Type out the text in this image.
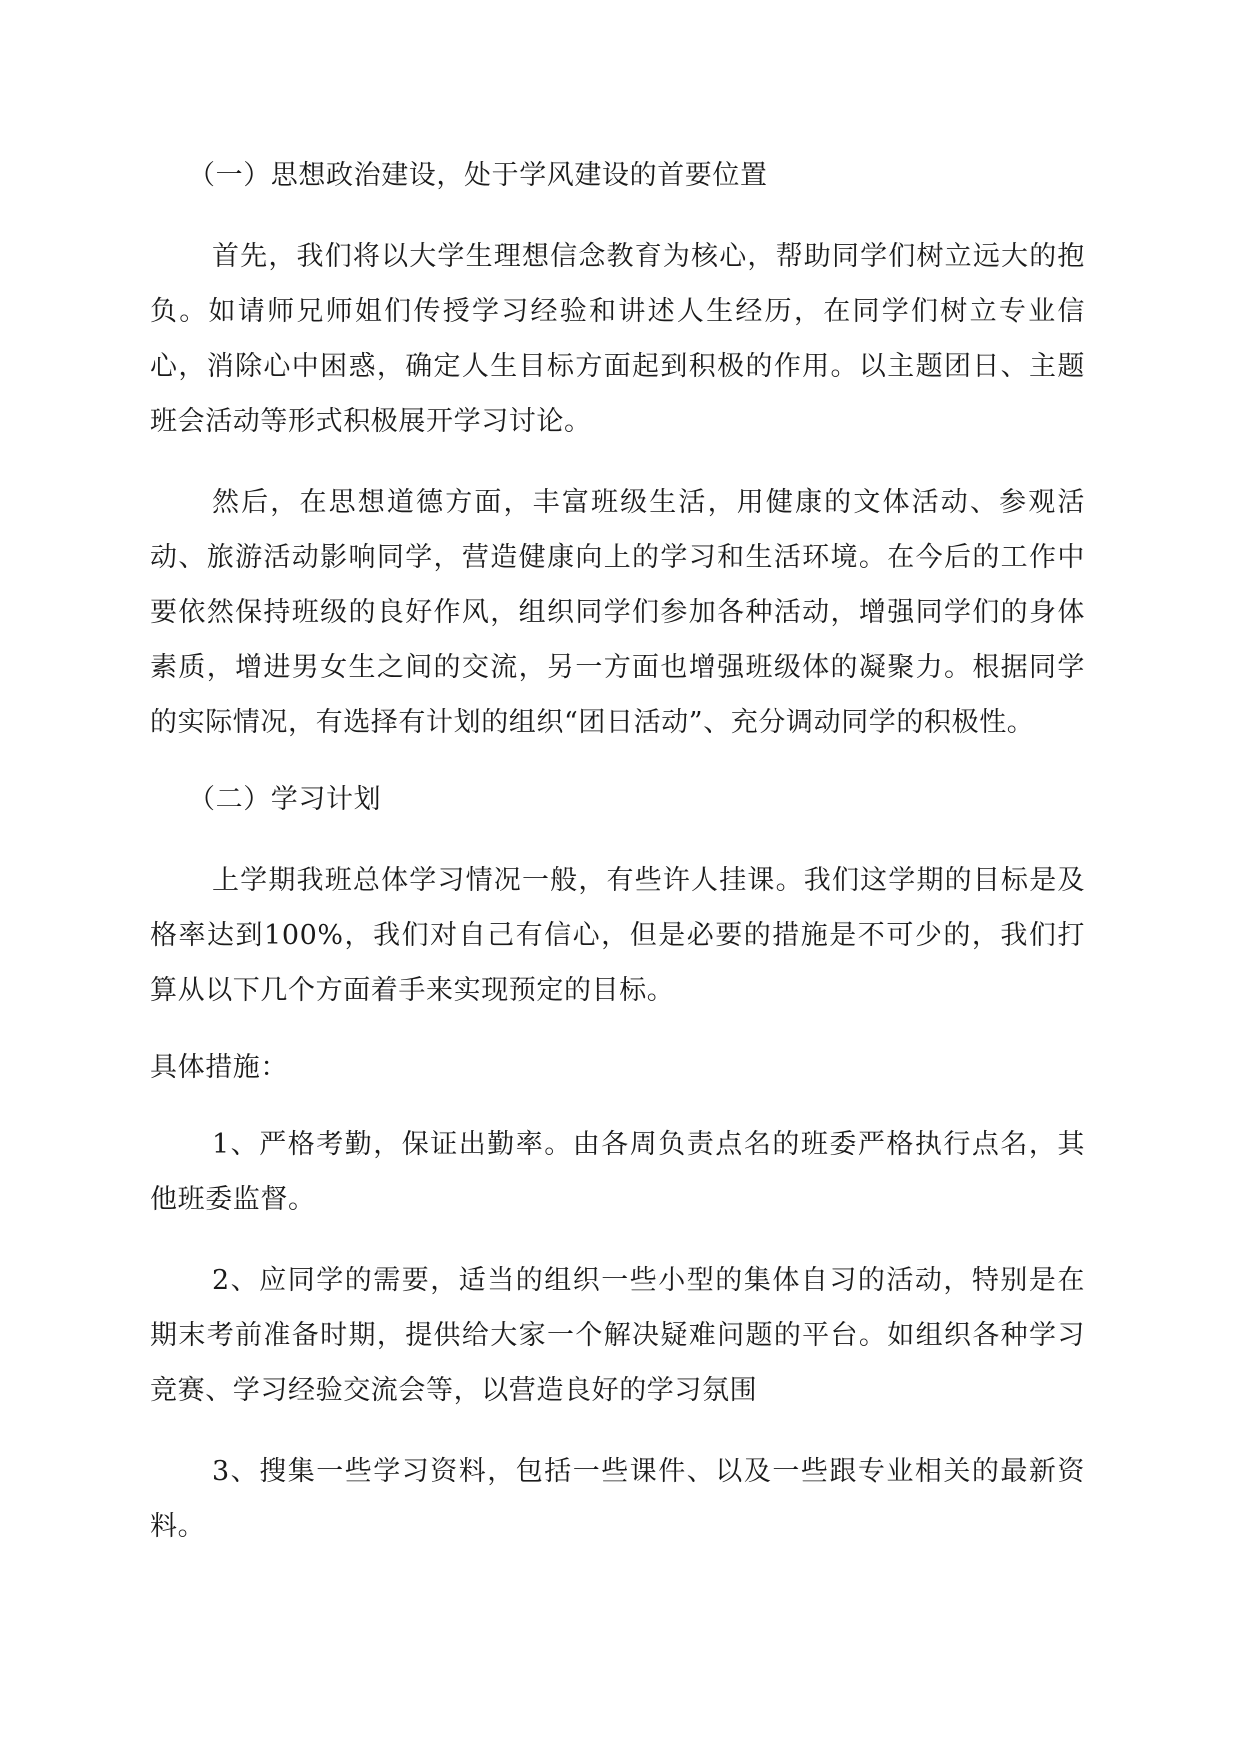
（一）思想政治建设，处于学风建设的首要位置

首先，我们将以大学生理想信念教育为核心，帮助同学们树立远大的抱负。如请师兄师姐们传授学习经验和讲述人生经历，在同学们树立专业信心，消除心中困惑，确定人生目标方面起到积极的作用。以主题团日、主题班会活动等形式积极展开学习讨论。

然后，在思想道德方面，丰富班级生活，用健康的文体活动、参观活动、旅游活动影响同学，营造健康向上的学习和生活环境。在今后的工作中要依然保持班级的良好作风，组织同学们参加各种活动，增强同学们的身体素质，增进男女生之间的交流，另一方面也增强班级体的凝聚力。根据同学的实际情况，有选择有计划的组织“团日活动”、充分调动同学的积极性。

（二）学习计划

上学期我班总体学习情况一般，有些许人挂课。我们这学期的目标是及格率达到100%，我们对自己有信心，但是必要的措施是不可少的，我们打算从以下几个方面着手来实现预定的目标。

具体措施：

1、严格考勤，保证出勤率。由各周负责点名的班委严格执行点名，其他班委监督。

2、应同学的需要，适当的组织一些小型的集体自习的活动，特别是在期末考前准备时期，提供给大家一个解决疑难问题的平台。如组织各种学习竞赛、学习经验交流会等，以营造良好的学习氛围

3、搜集一些学习资料，包括一些课件、以及一些跟专业相关的最新资料。
